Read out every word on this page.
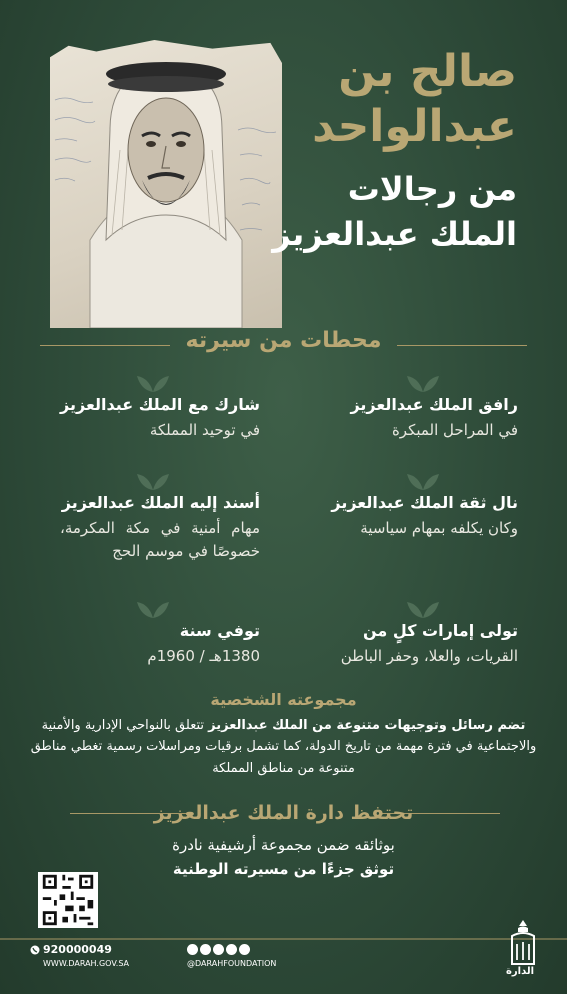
صالح بن
عبدالواحد
من رجالات
الملك عبدالعزيز
محطات من سيرته
رافق الملك عبدالعزيز
في المراحل المبكرة
شارك مع الملك عبدالعزيز
في توحيد المملكة
نال ثقة الملك عبدالعزيز
وكان يكلفه بمهام سياسية
أسند إليه الملك عبدالعزيز
مهام أمنية في مكة المكرمة، خصوصًا في موسم الحج
تولى إمارات كلٍ من
القريات، والعلا، وحفر الباطن
توفي سنة
1380هـ / 1960م
مجموعته الشخصية
تضم رسائل وتوجيهات متنوعة من الملك عبدالعزيز تتعلق بالنواحي الإدارية والأمنية والاجتماعية في فترة مهمة من تاريخ الدولة، كما تشمل برقيات ومراسلات رسمية تغطي مناطق متنوعة من مناطق المملكة
تحتفظ دارة الملك عبدالعزيز
بوثائقه ضمن مجموعة أرشيفية نادرة
توثق جزءًا من مسيرته الوطنية
920000049
WWW.DARAH.GOV.SA	@DARAHFOUNDATION
الدارة
